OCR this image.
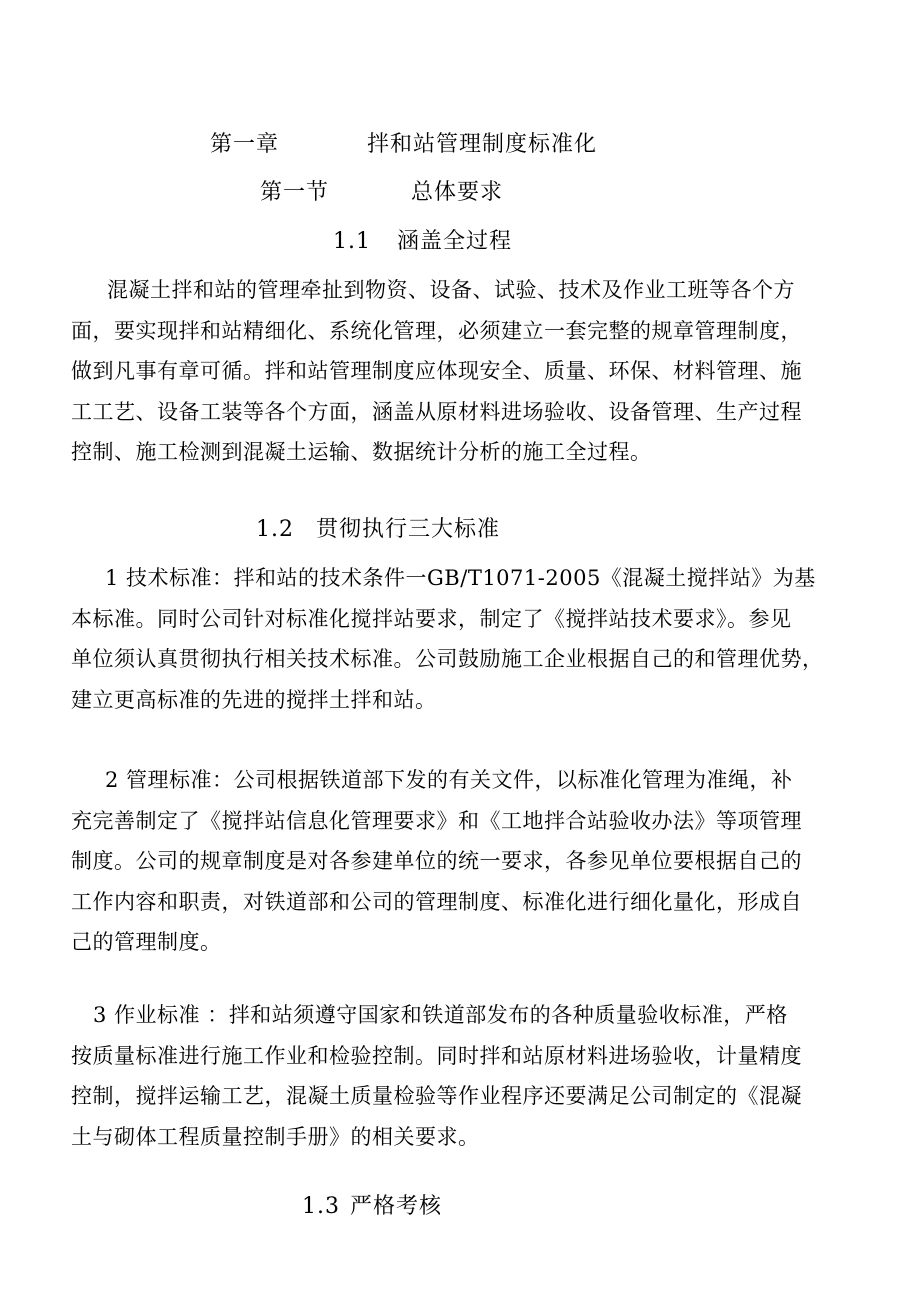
第一章	拌和站管理制度标准化
第一节	总体要求
1.1 涵盖全过程
混凝土拌和站的管理牵扯到物资、设备、试验、技术及作业工班等各个方
面，要实现拌和站精细化、系统化管理，必须建立一套完整的规章管理制度，
做到凡事有章可循。拌和站管理制度应体现安全、质量、环保、材料管理、施
工工艺、设备工装等各个方面，涵盖从原材料进场验收、设备管理、生产过程
控制、施工检测到混凝土运输、数据统计分析的施工全过程。
1.2 贯彻执行三大标准
1 技术标准：拌和站的技术条件一GB/T1071-2005《混凝土搅拌站》为基
本标准。同时公司针对标准化搅拌站要求，制定了《搅拌站技术要求》。参见
单位须认真贯彻执行相关技术标准。公司鼓励施工企业根据自己的和管理优势，
建立更高标准的先进的搅拌土拌和站。
2 管理标准：公司根据铁道部下发的有关文件，以标准化管理为准绳，补
充完善制定了《搅拌站信息化管理要求》和《工地拌合站验收办法》等项管理
制度。公司的规章制度是对各参建单位的统一要求，各参见单位要根据自己的
工作内容和职责，对铁道部和公司的管理制度、标准化进行细化量化，形成自
己的管理制度。
3 作业标准 ：拌和站须遵守国家和铁道部发布的各种质量验收标准，严格
按质量标准进行施工作业和检验控制。同时拌和站原材料进场验收，计量精度
控制，搅拌运输工艺，混凝土质量检验等作业程序还要满足公司制定的《混凝
土与砌体工程质量控制手册》的相关要求。
1.3 严格考核
